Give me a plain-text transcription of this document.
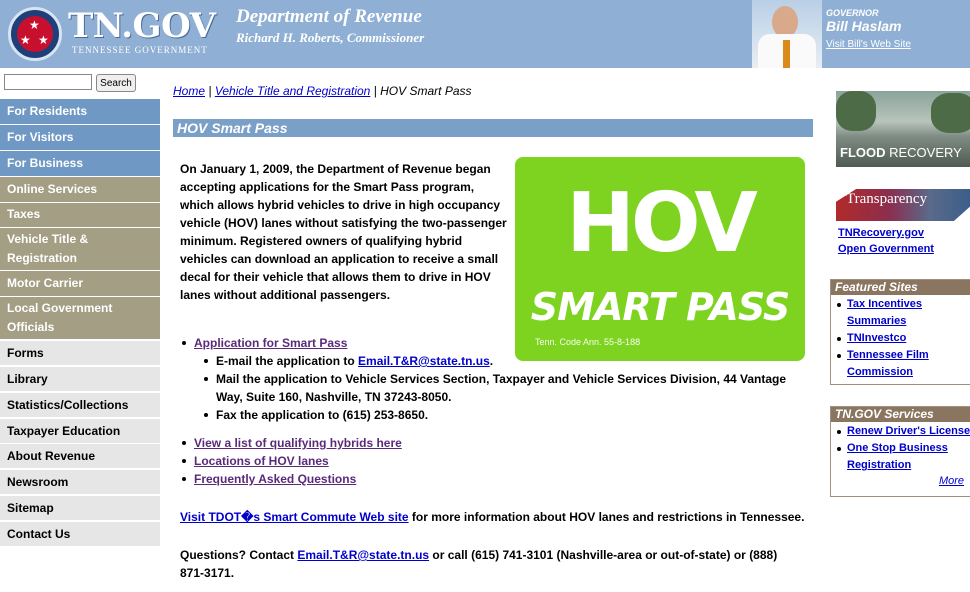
★
★ ★ TN.GOV
TENNESSEE GOVERNMENT
Department of Revenue
Richard H. Roberts, Commissioner
GOVERNOR
Bill Haslam
Visit Bill's Web Site
Search
For Residents
For Visitors
For Business
Online Services
Taxes
Vehicle Title & Registration
Motor Carrier
Local Government Officials
Forms
Library
Statistics/Collections
Taxpayer Education
About Revenue
Newsroom
Sitemap
Contact Us
Home | Vehicle Title and Registration | HOV Smart Pass
HOV Smart Pass
On January 1, 2009, the Department of Revenue began accepting applications for the Smart Pass program, which allows hybrid vehicles to drive in high occupancy vehicle (HOV) lanes without satisfying the two-passenger minimum. Registered owners of qualifying hybrid vehicles can download an application to receive a small decal for their vehicle that allows them to drive in HOV lanes without additional passengers.
HOV
SMART PASS
Tenn. Code Ann. 55-8-188
Application for Smart Pass
E-mail the application to Email.T&R@state.tn.us.
Mail the application to Vehicle Services Section, Taxpayer and Vehicle Services Division, 44 Vantage
Way, Suite 160, Nashville, TN 37243-8050.
Fax the application to (615) 253-8650.
View a list of qualifying hybrids here
Locations of HOV lanes
Frequently Asked Questions
Visit TDOT�s Smart Commute Web site for more information about HOV lanes and restrictions in Tennessee.
Questions? Contact Email.T&R@state.tn.us or call (615) 741-3101 (Nashville-area or out-of-state) or (888) 871-3171.
FLOOD RECOVERY
Transparency
TNRecovery.gov
Open Government
Featured Sites
Tax Incentives Summaries
TNInvestco
Tennessee Film Commission
TN.GOV Services
Renew Driver's License
One Stop Business Registration
More
